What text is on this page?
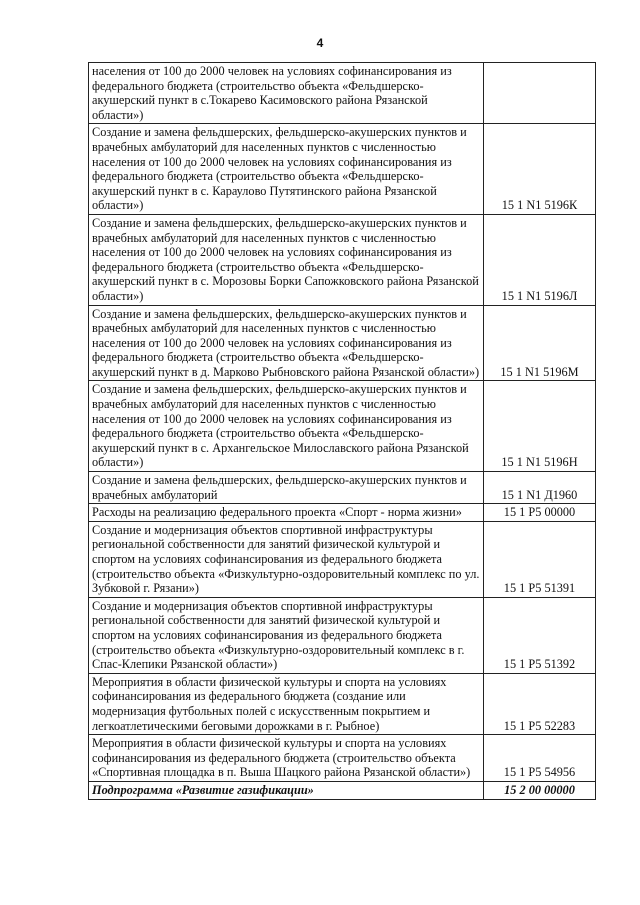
4
населения от 100 до 2000 человек на условиях софинансирования из федерального бюджета (строительство объекта «Фельдшерско-акушерский пункт в с.Токарево Касимовского района Рязанской области»)	
Создание и замена фельдшерских, фельдшерско-акушерских пунктов и врачебных амбулаторий для населенных пунктов с численностью населения от 100 до 2000 человек на условиях софинансирования из федерального бюджета (строительство объекта «Фельдшерско-акушерский пункт в с. Караулово Путятинского района Рязанской области»)	15 1 N1 5196К
Создание и замена фельдшерских, фельдшерско-акушерских пунктов и врачебных амбулаторий для населенных пунктов с численностью населения от 100 до 2000 человек на условиях софинансирования из федерального бюджета (строительство объекта «Фельдшерско-акушерский пункт в с. Морозовы Борки Сапожковского района Рязанской области»)	15 1 N1 5196Л
Создание и замена фельдшерских, фельдшерско-акушерских пунктов и врачебных амбулаторий для населенных пунктов с численностью населения от 100 до 2000 человек на условиях софинансирования из федерального бюджета (строительство объекта «Фельдшерско-акушерский пункт в д. Марково Рыбновского района Рязанской области»)	15 1 N1 5196М
Создание и замена фельдшерских, фельдшерско-акушерских пунктов и врачебных амбулаторий для населенных пунктов с численностью населения от 100 до 2000 человек на условиях софинансирования из федерального бюджета (строительство объекта «Фельдшерско-акушерский пункт в с. Архангельское Милославского района Рязанской области»)	15 1 N1 5196Н
Создание и замена фельдшерских, фельдшерско-акушерских пунктов и врачебных амбулаторий	15 1 N1 Д1960
Расходы на реализацию федерального проекта «Спорт - норма жизни»	15 1 P5 00000
Создание и модернизация объектов спортивной инфраструктуры региональной собственности для занятий физической культурой и спортом на условиях софинансирования из федерального бюджета (строительство объекта «Физкультурно-оздоровительный комплекс по ул. Зубковой г. Рязани»)	15 1 P5 51391
Создание и модернизация объектов спортивной инфраструктуры региональной собственности для занятий физической культурой и спортом на условиях софинансирования из федерального бюджета (строительство объекта «Физкультурно-оздоровительный комплекс в г. Спас-Клепики Рязанской области»)	15 1 P5 51392
Мероприятия в области физической культуры и спорта на условиях софинансирования из федерального бюджета (создание или модернизация футбольных полей с искусственным покрытием и легкоатлетическими беговыми дорожками в г. Рыбное)	15 1 P5 52283
Мероприятия в области физической культуры и спорта на условиях софинансирования из федерального бюджета (строительство объекта «Спортивная площадка в п. Выша Шацкого района Рязанской области»)	15 1 P5 54956
Подпрограмма «Развитие газификации»	15 2 00 00000
